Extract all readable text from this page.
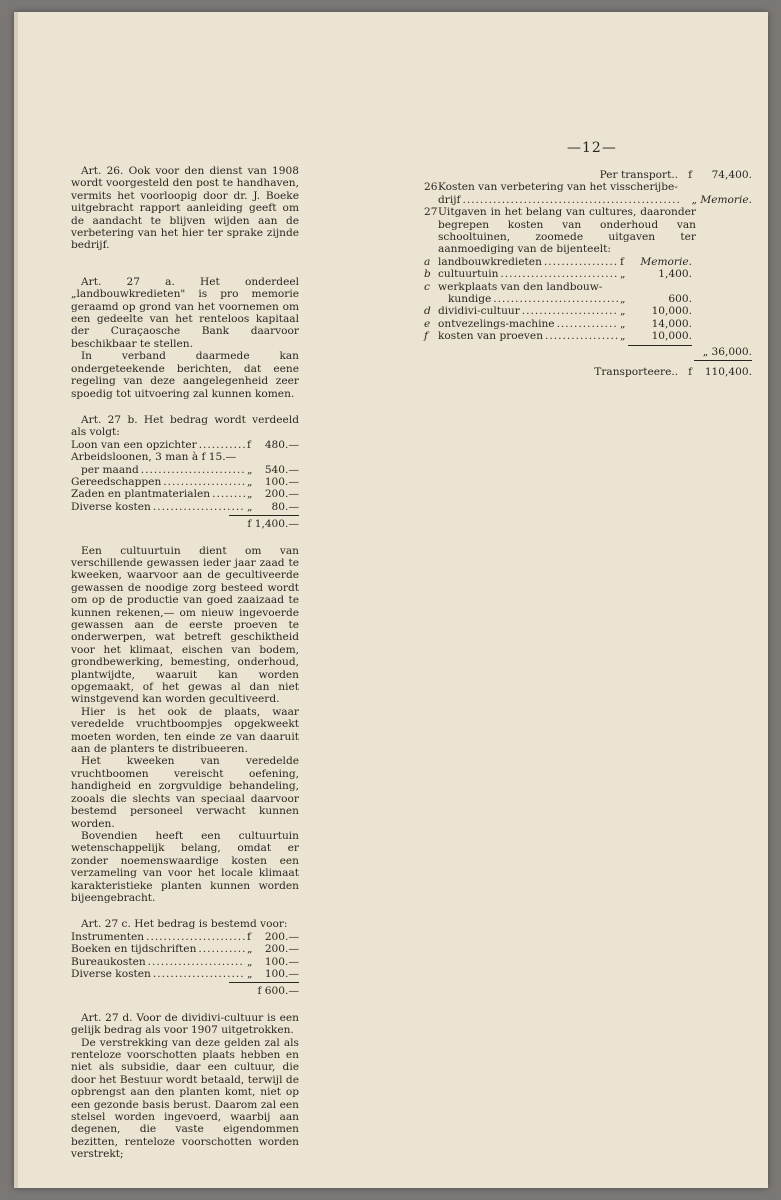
—12—

Art. 26. Ook voor den dienst van 1908 wordt voorgesteld den post te handhaven, vermits het voorloopig door dr. J. Boeke uitgebracht rapport aanleiding geeft om de aandacht te blijven wijden aan de verbetering van het hier ter sprake zijnde bedrijf.

Art. 27 a. Het onderdeel „landbouwkredieten" is pro memorie geraamd op grond van het voornemen om een gedeelte van het renteloos kapitaal der Curaçaosche Bank daarvoor beschikbaar te stellen.

In verband daarmede kan ondergeteekende berichten, dat eene regeling van deze aangelegenheid zeer spoedig tot uitvoering zal kunnen komen.

Art. 27 b. Het bedrag wordt verdeeld als volgt:

Loon van een opzichter .....	f	480.—
Arbeidsloonen, 3 man à f 15.—
per maand .....	„	540.—
Gereedschappen .....	„	100.—
Zaden en plantmaterialen .....	„	200.—
Diverse kosten .....	„	80.—
f 1,400.—

Een cultuurtuin dient om van verschillende gewassen ieder jaar zaad te kweeken, waarvoor aan de gecultiveerde gewassen de noodige zorg besteed wordt om op de productie van goed zaaizaad te kunnen rekenen,— om nieuw ingevoerde gewassen aan de eerste proeven te onderwerpen, wat betreft geschiktheid voor het klimaat, eischen van bodem, grondbewerking, bemesting, onderhoud, plantwijdte, waaruit kan worden opgemaakt, of het gewas al dan niet winstgevend kan worden gecultiveerd.

Hier is het ook de plaats, waar veredelde vruchtboompjes opgekweekt moeten worden, ten einde ze van daaruit aan de planters te distribueeren.

Het kweeken van veredelde vruchtboomen vereischt oefening, handigheid en zorgvuldige behandeling, zooals die slechts van speciaal daarvoor bestemd personeel verwacht kunnen worden.

Bovendien heeft een cultuurtuin wetenschappelijk belang, omdat er zonder noemenswaardige kosten een verzameling van voor het locale klimaat karakteristieke planten kunnen worden bijeengebracht.

Art. 27 c. Het bedrag is bestemd voor:

Instrumenten .....	f	200.—
Boeken en tijdschriften .....	„	200.—
Bureaukosten .....	„	100.—
Diverse kosten .....	„	100.—
f 600.—

Art. 27 d. Voor de dividivi-cultuur is een gelijk bedrag als voor 1907 uitgetrokken.

De verstrekking van deze gelden zal als renteloze voorschotten plaats hebben en niet als subsidie, daar een cultuur, die door het Bestuur wordt betaald, terwijl de opbrengst aan den planten komt, niet op een gezonde basis berust. Daarom zal een stelsel worden ingevoerd, waarbij aan degenen, die vaste eigendommen bezitten, renteloze voorschotten worden verstrekt;

Per transport.. f	74,400.
26 Kosten van verbetering van het visscherijbe-
drijf .....	„ Memorie.
27 Uitgaven in het belang van cultures, daaronder begrepen kosten van onderhoud van schooltuinen, zoomede uitgaven ter aanmoediging van de bijenteelt:
a landbouwkredieten .....	f	Memorie.
b cultuurtuin .....	„	1,400.
c werkplaats van den landbouw-
kundige .....	„	600.
d dividivi-cultuur .....	„	10,000.
e ontvezelings-machine .....	„	14,000.
f kosten van proeven .....	„	10,000.
„ 36,000.
Transporteere.. f	110,400.
